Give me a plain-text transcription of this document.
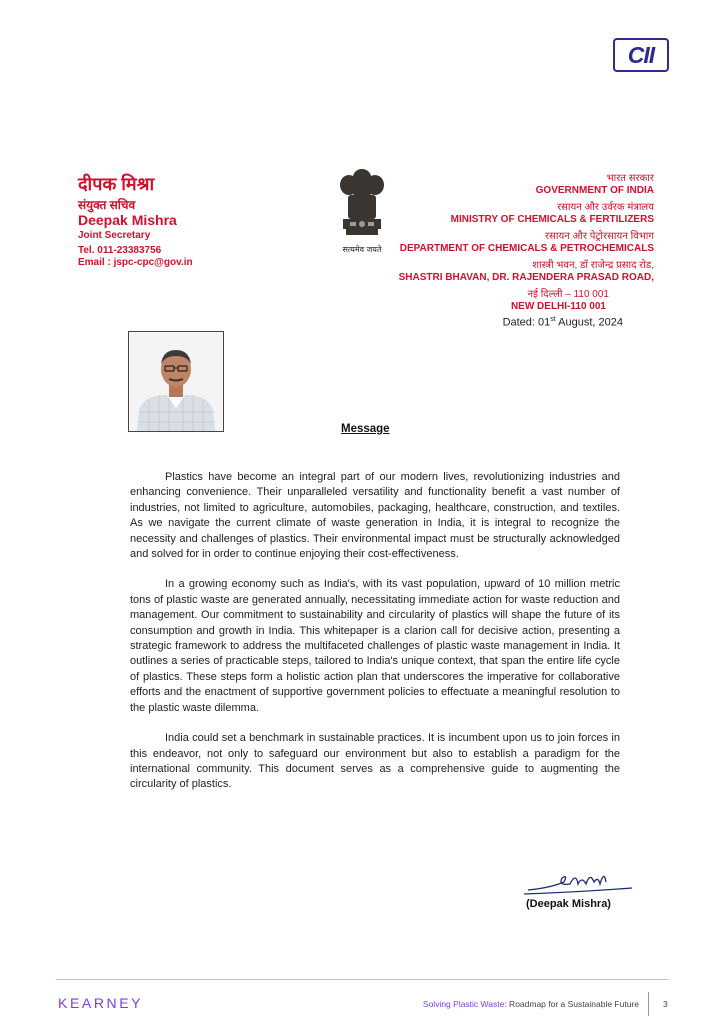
CII
दीपक मिश्रा
संयुक्त सचिव
Deepak Mishra
Joint Secretary
Tel. 011-23383756
Email : jspc-cpc@gov.in
सत्यमेव जयते
भारत सरकार
GOVERNMENT OF INDIA
रसायन और उर्वरक मंत्रालय
MINISTRY OF CHEMICALS & FERTILIZERS
रसायन और पेट्रोरसायन विभाग
DEPARTMENT OF CHEMICALS & PETROCHEMICALS
शास्त्री भवन, डॉ राजेन्द्र प्रसाद रोड,
SHASTRI BHAVAN, DR. RAJENDERA PRASAD ROAD,
नई दिल्ली – 110 001
NEW DELHI-110 001
Dated: 01st August, 2024
Message

Plastics have become an integral part of our modern lives, revolutionizing industries and enhancing convenience. Their unparalleled versatility and functionality benefit a vast number of industries, not limited to agriculture, automobiles, packaging, healthcare, construction, and textiles. As we navigate the current climate of waste generation in India, it is integral to recognize the necessity and challenges of plastics. Their environmental impact must be structurally acknowledged and solved for in order to continue enjoying their cost-effectiveness.

In a growing economy such as India's, with its vast population, upward of 10 million metric tons of plastic waste are generated annually, necessitating immediate action for waste reduction and management. Our commitment to sustainability and circularity of plastics will shape the future of its consumption and growth in India. This whitepaper is a clarion call for decisive action, presenting a strategic framework to address the multifaceted challenges of plastic waste management in India. It outlines a series of practicable steps, tailored to India's unique context, that span the entire life cycle of plastics. These steps form a holistic action plan that underscores the imperative for collaborative efforts and the enactment of supportive government policies to effectuate a meaningful resolution to the plastic waste dilemma.

India could set a benchmark in sustainable practices. It is incumbent upon us to join forces in this endeavor, not only to safeguard our environment but also to establish a paradigm for the international community. This document serves as a comprehensive guide to augmenting the circularity of plastics.

(Deepak Mishra)
KEARNEY	Solving Plastic Waste: Roadmap for a Sustainable Future	3
